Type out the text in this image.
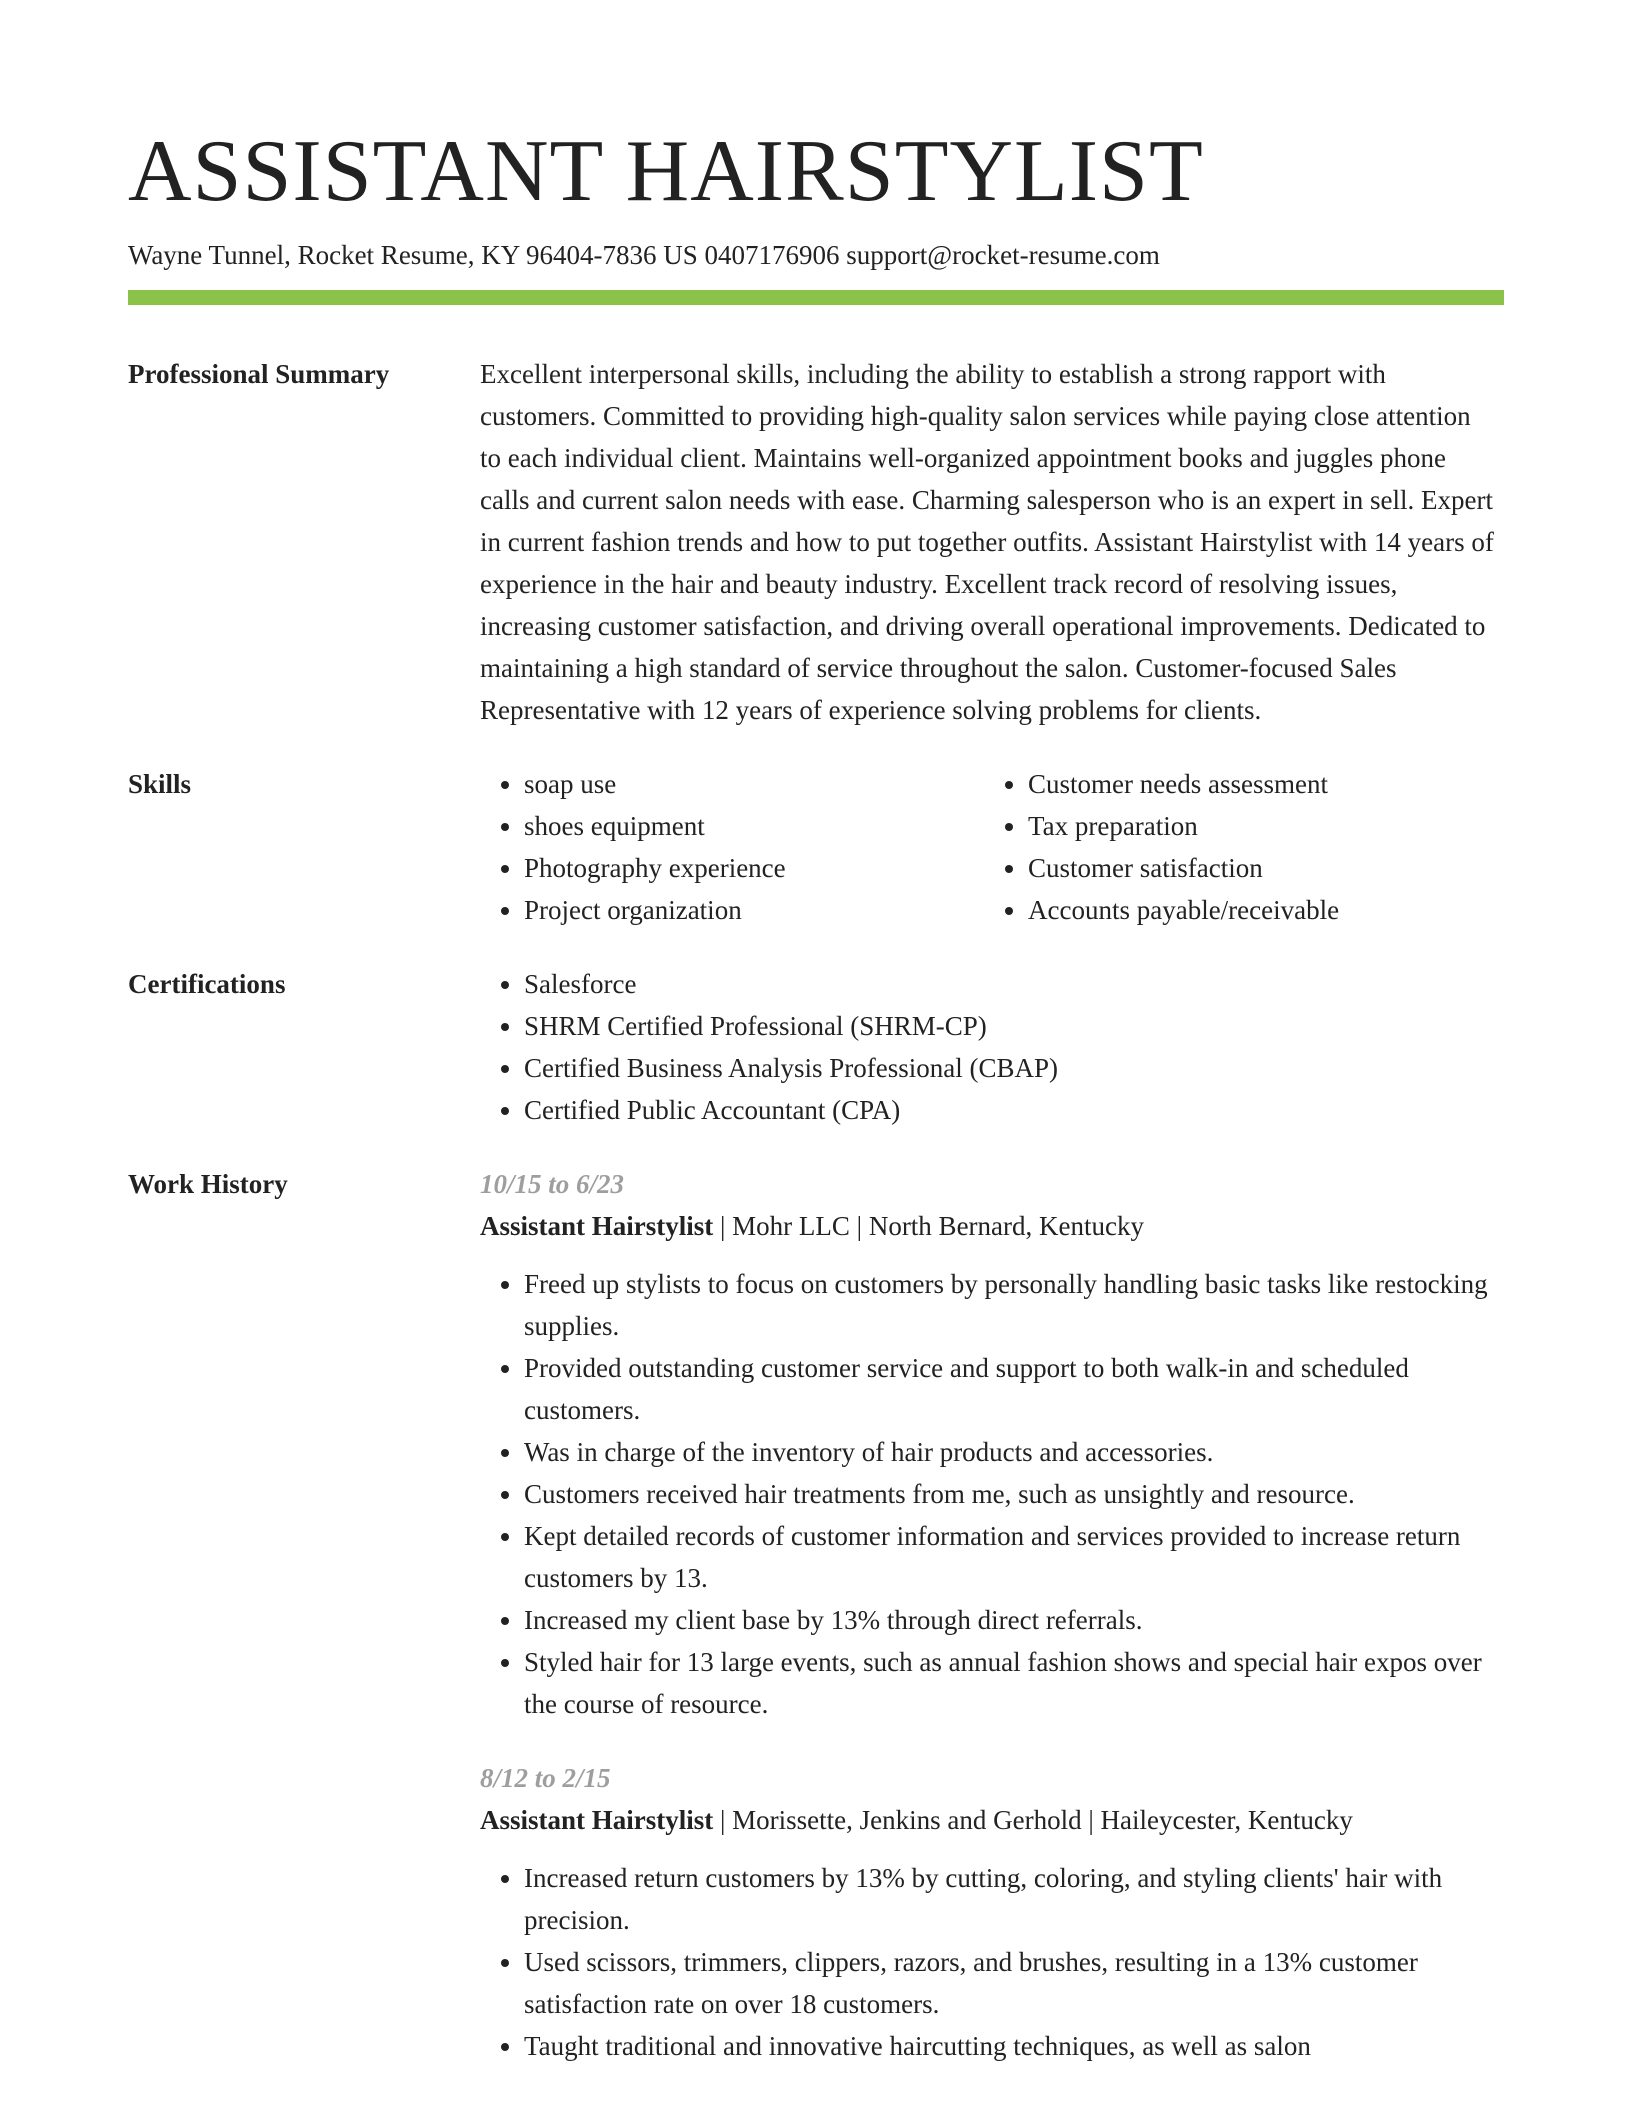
ASSISTANT HAIRSTYLIST
Wayne Tunnel, Rocket Resume, KY 96404-7836 US 0407176906 support@rocket-resume.com
Professional Summary	Excellent interpersonal skills, including the ability to establish a strong rapport with customers. Committed to providing high-quality salon services while paying close attention to each individual client. Maintains well-organized appointment books and juggles phone calls and current salon needs with ease. Charming salesperson who is an expert in sell. Expert in current fashion trends and how to put together outfits. Assistant Hairstylist with 14 years of experience in the hair and beauty industry. Excellent track record of resolving issues, increasing customer satisfaction, and driving overall operational improvements. Dedicated to maintaining a high standard of service throughout the salon. Customer-focused Sales Representative with 12 years of experience solving problems for clients.

Skills	• soap use
• shoes equipment
• Photography experience
• Project organization
• Customer needs assessment
• Tax preparation
• Customer satisfaction
• Accounts payable/receivable
Certifications	• Salesforce
• SHRM Certified Professional (SHRM-CP)
• Certified Business Analysis Professional (CBAP)
• Certified Public Accountant (CPA)
Work History	10/15 to 6/23
Assistant Hairstylist | Mohr LLC | North Bernard, Kentucky
• Freed up stylists to focus on customers by personally handling basic tasks like restocking supplies.
• Provided outstanding customer service and support to both walk-in and scheduled customers.
• Was in charge of the inventory of hair products and accessories.
• Customers received hair treatments from me, such as unsightly and resource.
• Kept detailed records of customer information and services provided to increase return customers by 13.
• Increased my client base by 13% through direct referrals.
• Styled hair for 13 large events, such as annual fashion shows and special hair expos over the course of resource.
8/12 to 2/15
Assistant Hairstylist | Morissette, Jenkins and Gerhold | Haileycester, Kentucky
• Increased return customers by 13% by cutting, coloring, and styling clients' hair with precision.
• Used scissors, trimmers, clippers, razors, and brushes, resulting in a 13% customer satisfaction rate on over 18 customers.
• Taught traditional and innovative haircutting techniques, as well as salon
